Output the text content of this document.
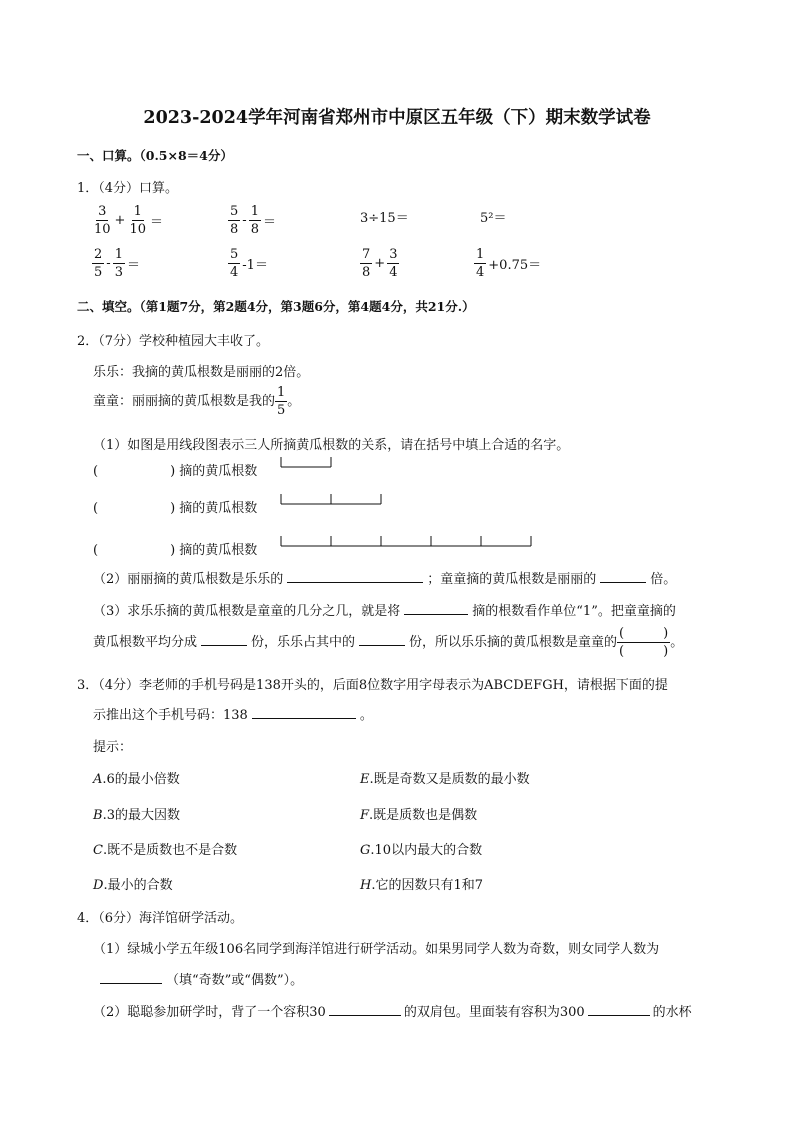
2023-2024学年河南省郑州市中原区五年级（下）期末数学试卷
一、口算。（0.5×8＝4分）
1．（4分）口算。
$\frac{3}{10} + \frac{1}{10}$ ＝	$\frac{5}{8} - \frac{1}{8}$ ＝	3÷15＝	5²＝
$\frac{2}{5} - \frac{1}{3}$ ＝	$\frac{5}{4} -1=$	$\frac{7}{8} + \frac{3}{4}$	$\frac{1}{4} +0.75=$
二、填空。（第1题7分，第2题4分，第3题6分，第4题4分，共21分.）
2．（7分）学校种植园大丰收了。
乐乐：我摘的黄瓜根数是丽丽的2倍。
童童：丽丽摘的黄瓜根数是我的 $\frac{1}{5}$ 。
（1）如图是用线段图表示三人所摘黄瓜根数的关系，请在括号中填上合适的名字。
(	) 摘的黄瓜根数
(	) 摘的黄瓜根数
(	) 摘的黄瓜根数
（2）丽丽摘的黄瓜根数是乐乐的	；童童摘的黄瓜根数是丽丽的	倍。
（3）求乐乐摘的黄瓜根数是童童的几分之几，就是将	摘的根数看作单位“1”。把童童摘的
黄瓜根数平均分成	份，乐乐占其中的	份，所以乐乐摘的黄瓜根数是童童的 $\frac{( )}{( )}$ 。
3．（4分）李老师的手机号码是138开头的，后面8位数字用字母表示为ABCDEFGH，请根据下面的提
示推出这个手机号码：138	。
提示：
A.6的最小倍数	E.既是奇数又是质数的最小数
B.3的最大因数	F.既是质数也是偶数
C.既不是质数也不是合数	G.10以内最大的合数
D.最小的合数	H.它的因数只有1和7
4．（6分）海洋馆研学活动。
（1）绿城小学五年级106名同学到海洋馆进行研学活动。如果男同学人数为奇数，则女同学人数为
（填“奇数”或“偶数”）。
（2）聪聪参加研学时，背了一个容积30	的双肩包。里面装有容积为300	的水杯
